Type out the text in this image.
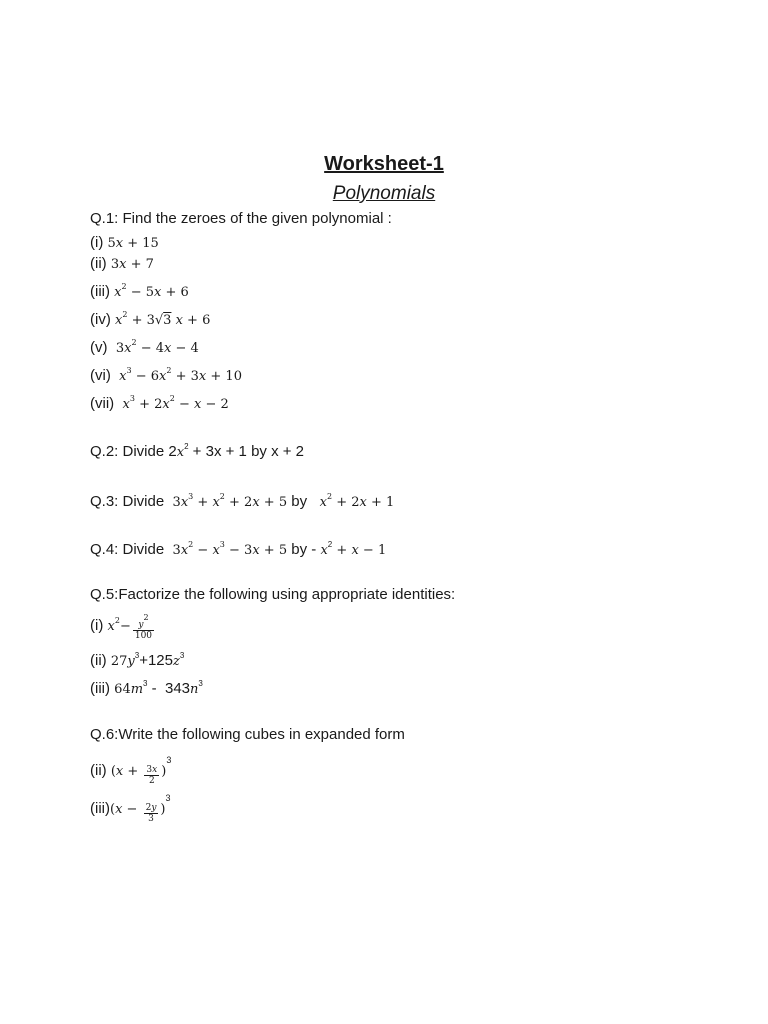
Worksheet-1
Polynomials
Q.1: Find the zeroes of the given polynomial :
(i) 5x + 15
(ii) 3x + 7
(iii) $x^2 - 5x + 6$
(iv) $x^2 + 3√3$ x + 6
(v) $3x^2 - 4x - 4$
(vi) $x^3 - 6x^2 + 3x + 10$
(vii) $x^3 + 2x^2 - x - 2$
Q.2: Divide $2x^2 + 3x + 1$ by x + 2
Q.3: Divide $3x^3 + x^2 + 2x + 5$ by $x^2 + 2x + 1$
Q.4: Divide $3x^2 - x^3 - 3x + 5$ by - $x^2 + x - 1$
Q.5:Factorize the following using appropriate identities:
(i) $x^2- \frac{y^2}{100}$
(ii) $27y^3+125z^3$
(iii) $64m^3 - 343n^3$
Q.6:Write the following cubes in expanded form
(ii) $(x + \frac{3x}{2} )^3$
$(iii)(x - \frac{2y}{3} )^3$
